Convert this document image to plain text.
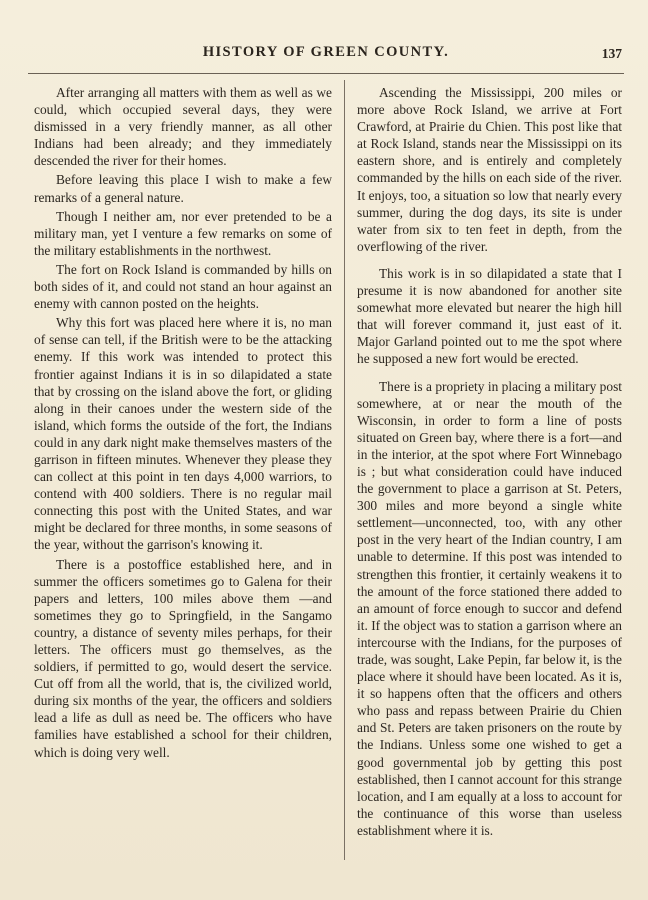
HISTORY OF GREEN COUNTY.	137

After arranging all matters with them as well as we could, which occupied several days, they were dismissed in a very friendly manner, as all other Indians had been already; and they immediately descended the river for their homes.

Before leaving this place I wish to make a few remarks of a general nature.

Though I neither am, nor ever pretended to be a military man, yet I venture a few remarks on some of the military establishments in the northwest.

The fort on Rock Island is commanded by hills on both sides of it, and could not stand an hour against an enemy with cannon posted on the heights.

Why this fort was placed here where it is, no man of sense can tell, if the British were to be the attacking enemy. If this work was intended to protect this frontier against Indians it is in so dilapidated a state that by crossing on the island above the fort, or gliding along in their canoes under the western side of the island, which forms the outside of the fort, the Indians could in any dark night make themselves masters of the garrison in fifteen minutes. Whenever they please they can collect at this point in ten days 4,000 warriors, to contend with 400 soldiers. There is no regular mail connecting this post with the United States, and war might be declared for three months, in some seasons of the year, without the garrison's knowing it.

There is a postoffice established here, and in summer the officers sometimes go to Galena for their papers and letters, 100 miles above them —and sometimes they go to Springfield, in the Sangamo country, a distance of seventy miles perhaps, for their letters. The officers must go themselves, as the soldiers, if permitted to go, would desert the service. Cut off from all the world, that is, the civilized world, during six months of the year, the officers and soldiers lead a life as dull as need be. The officers who have families have established a school for their children, which is doing very well.

Ascending the Mississippi, 200 miles or more above Rock Island, we arrive at Fort Crawford, at Prairie du Chien. This post like that at Rock Island, stands near the Mississippi on its eastern shore, and is entirely and completely commanded by the hills on each side of the river. It enjoys, too, a situation so low that nearly every summer, during the dog days, its site is under water from six to ten feet in depth, from the overflowing of the river.

This work is in so dilapidated a state that I presume it is now abandoned for another site somewhat more elevated but nearer the high hill that will forever command it, just east of it. Major Garland pointed out to me the spot where he supposed a new fort would be erected.

There is a propriety in placing a military post somewhere, at or near the mouth of the Wisconsin, in order to form a line of posts situated on Green bay, where there is a fort—and in the interior, at the spot where Fort Winnebago is ; but what consideration could have induced the government to place a garrison at St. Peters, 300 miles and more beyond a single white settlement—unconnected, too, with any other post in the very heart of the Indian country, I am unable to determine. If this post was intended to strengthen this frontier, it certainly weakens it to the amount of the force stationed there added to an amount of force enough to succor and defend it. If the object was to station a garrison where an intercourse with the Indians, for the purposes of trade, was sought, Lake Pepin, far below it, is the place where it should have been located. As it is, it so happens often that the officers and others who pass and repass between Prairie du Chien and St. Peters are taken prisoners on the route by the Indians. Unless some one wished to get a good governmental job by getting this post established, then I cannot account for this strange location, and I am equally at a loss to account for the continuance of this worse than useless establishment where it is.
